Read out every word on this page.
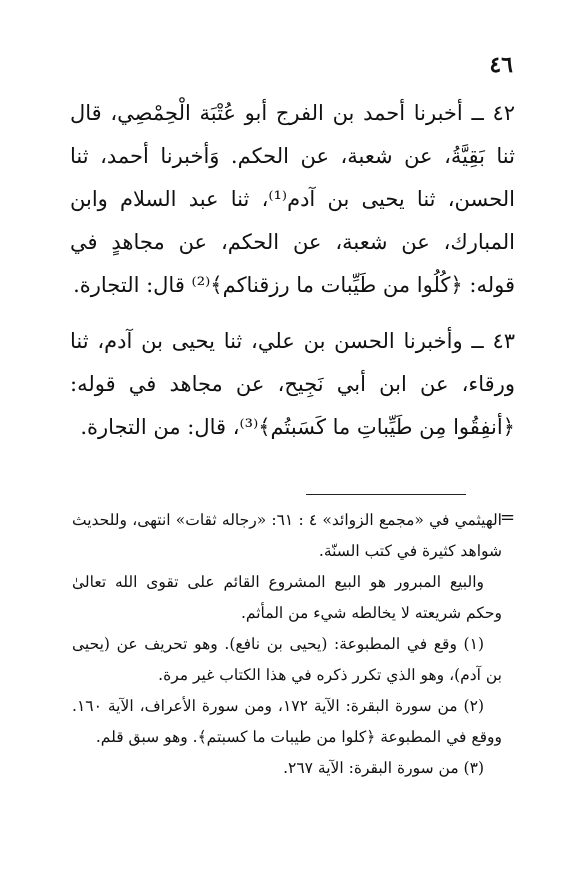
٤٦

٤٢ ــ أخبرنا أحمد بن الفرج أبو عُتْبَة الْحِمْصِي، قال ثنا بَقِيَّةُ، عن شعبة، عن الحكم. وَأخبرنا أحمد، ثنا الحسن، ثنا يحيى بن آدم⁽¹⁾، ثنا عبد السلام وابن المبارك، عن شعبة، عن الحكم، عن مجاهدٍ في قوله: ﴿كُلُوا من طَيِّبات ما رزقناكم﴾⁽²⁾ قال: التجارة.

٤٣ ــ وأخبرنا الحسن بن علي، ثنا يحيى بن آدم، ثنا ورقاء، عن ابن أبي نَجِيح، عن مجاهد في قوله: ﴿أنفِقُوا مِن طَيِّباتِ ما كَسَبتُم﴾⁽³⁾، قال: من التجارة.

=

الهيثمي في «مجمع الزوائد» ٤ : ٦١: «رجاله ثقات» انتهى، وللحديث شواهد كثيرة في كتب السنّة.

والبيع المبرور هو البيع المشروع القائم على تقوى الله تعالىٰ وحكم شريعته لا يخالطه شيء من المأثم.

(١) وقع في المطبوعة: (يحيى بن نافع). وهو تحريف عن (يحيى بن آدم)، وهو الذي تكرر ذكره في هذا الكتاب غير مرة.

(٢) من سورة البقرة: الآية ١٧٢، ومن سورة الأعراف، الآية ١٦٠. ووقع في المطبوعة ﴿كلوا من طيبات ما كسبتم﴾. وهو سبق قلم.

(٣) من سورة البقرة: الآية ٢٦٧.
